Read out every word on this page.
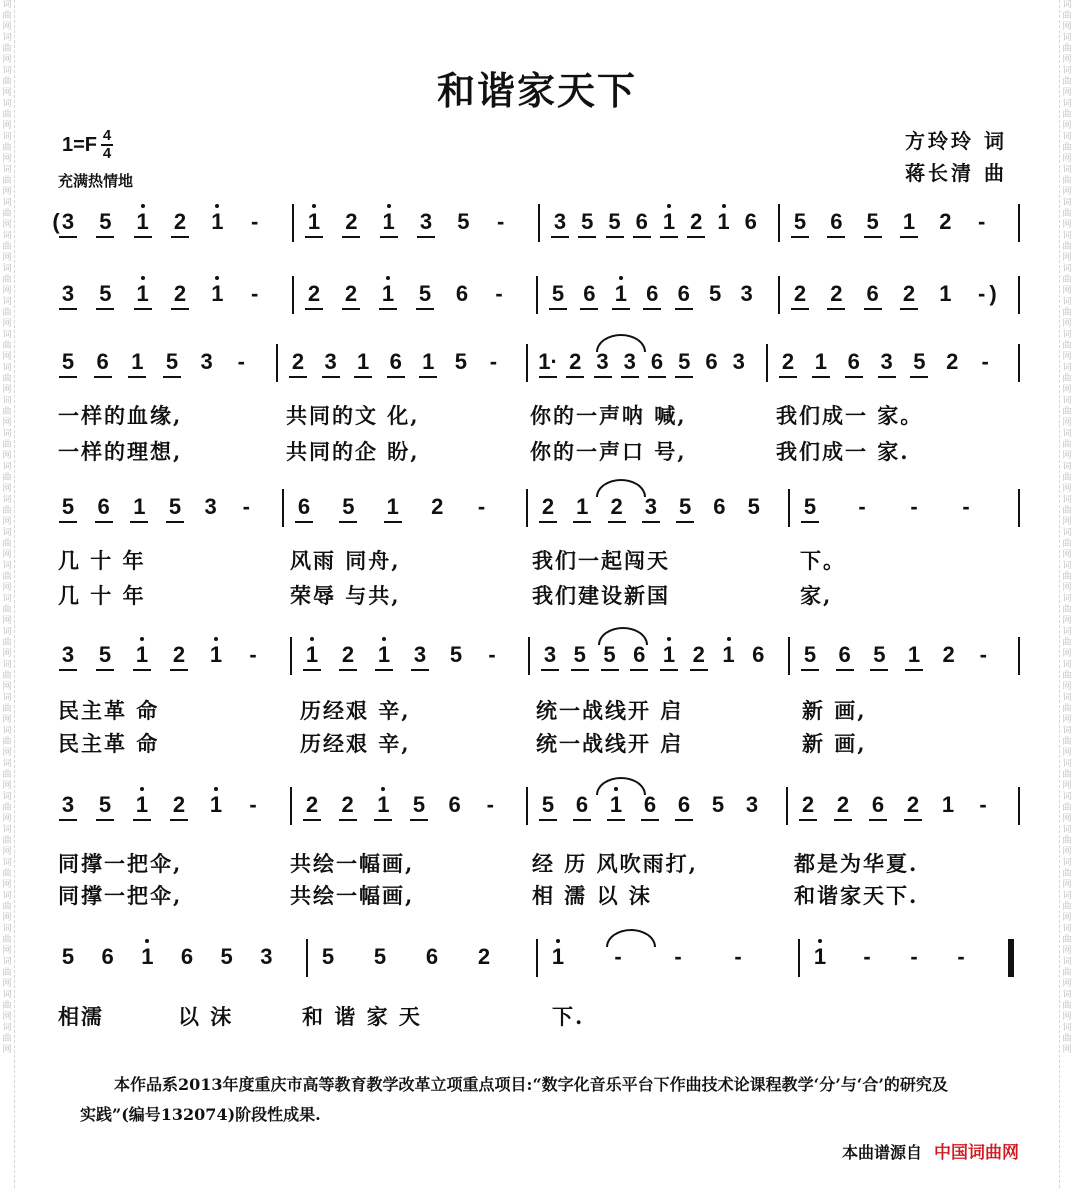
词曲网词曲网词曲网词曲网词曲网词曲网词曲网词曲网词曲网词曲网词曲网词曲网词曲网词曲网词曲网词曲网词曲网词曲网词曲网词曲网词曲网词曲网词曲网词曲网词曲网词曲网词曲网词曲网词曲网词曲网词曲网词曲网
词曲网词曲网词曲网词曲网词曲网词曲网词曲网词曲网词曲网词曲网词曲网词曲网词曲网词曲网词曲网词曲网词曲网词曲网词曲网词曲网词曲网词曲网词曲网词曲网词曲网词曲网词曲网词曲网词曲网词曲网词曲网词曲网
和谐家天下
$1=F \frac{4}{4}$
充满热情地
方玲玲 词
蒋长清 曲
( 3 5 1 2 1 - 1 2 1 3 5 - 3 5 5 6 1 2 1 6 5 6 5 1 2 -
3 5 1 2 1 - 2 2 1 5 6 - 5 6 1 6 6 5 3 2 2 6 2 1 - )
5 6 1 5 3 - 2 3 1 6 1 5 - 1· 2 3 3 6 5 6 3 2 1 6 3 5 2 -
5 6 1 5 3 - 6 5 1 2 -	2 1 2 3 5 6 5 5 - - -
3 5 1 2 1 - 1 2 1 3 5 - 3 5 5 6 1 2 1 6 5 6 5 1 2 -
3 5 1 2 1 - 2 2 1 5 6 - 5 6 1 6 6 5 3 2 2 6 2 1 -
5 6 1 6 5 3 5 5 6 2	1 - - -	1 - - -
一样的血缘,	共同的文 化,	你的一声呐 喊,	我们成一 家。
一样的理想,	共同的企 盼,	你的一声口 号,	我们成一 家.
几 十 年	风雨 同舟,	我们一起闯天	下。
几 十 年	荣辱 与共,	我们建设新国	家,
民主革 命	历经艰 辛,	统一战线开 启	新 画,
民主革 命	历经艰 辛,	统一战线开 启	新 画,
同撑一把伞,	共绘一幅画,	经 历 风吹雨打,	都是为华夏.
同撑一把伞,	共绘一幅画,	相 濡 以 沫	和谐家天下.
相濡	以 沫	和 谐 家 天	下.
本作品系2013年度重庆市高等教育教学改革立项重点项目:“数字化音乐平台下作曲技术论课程教学‘分’与‘合’的研究及实践”(编号132074)阶段性成果.
本曲谱源自 中国词曲网
